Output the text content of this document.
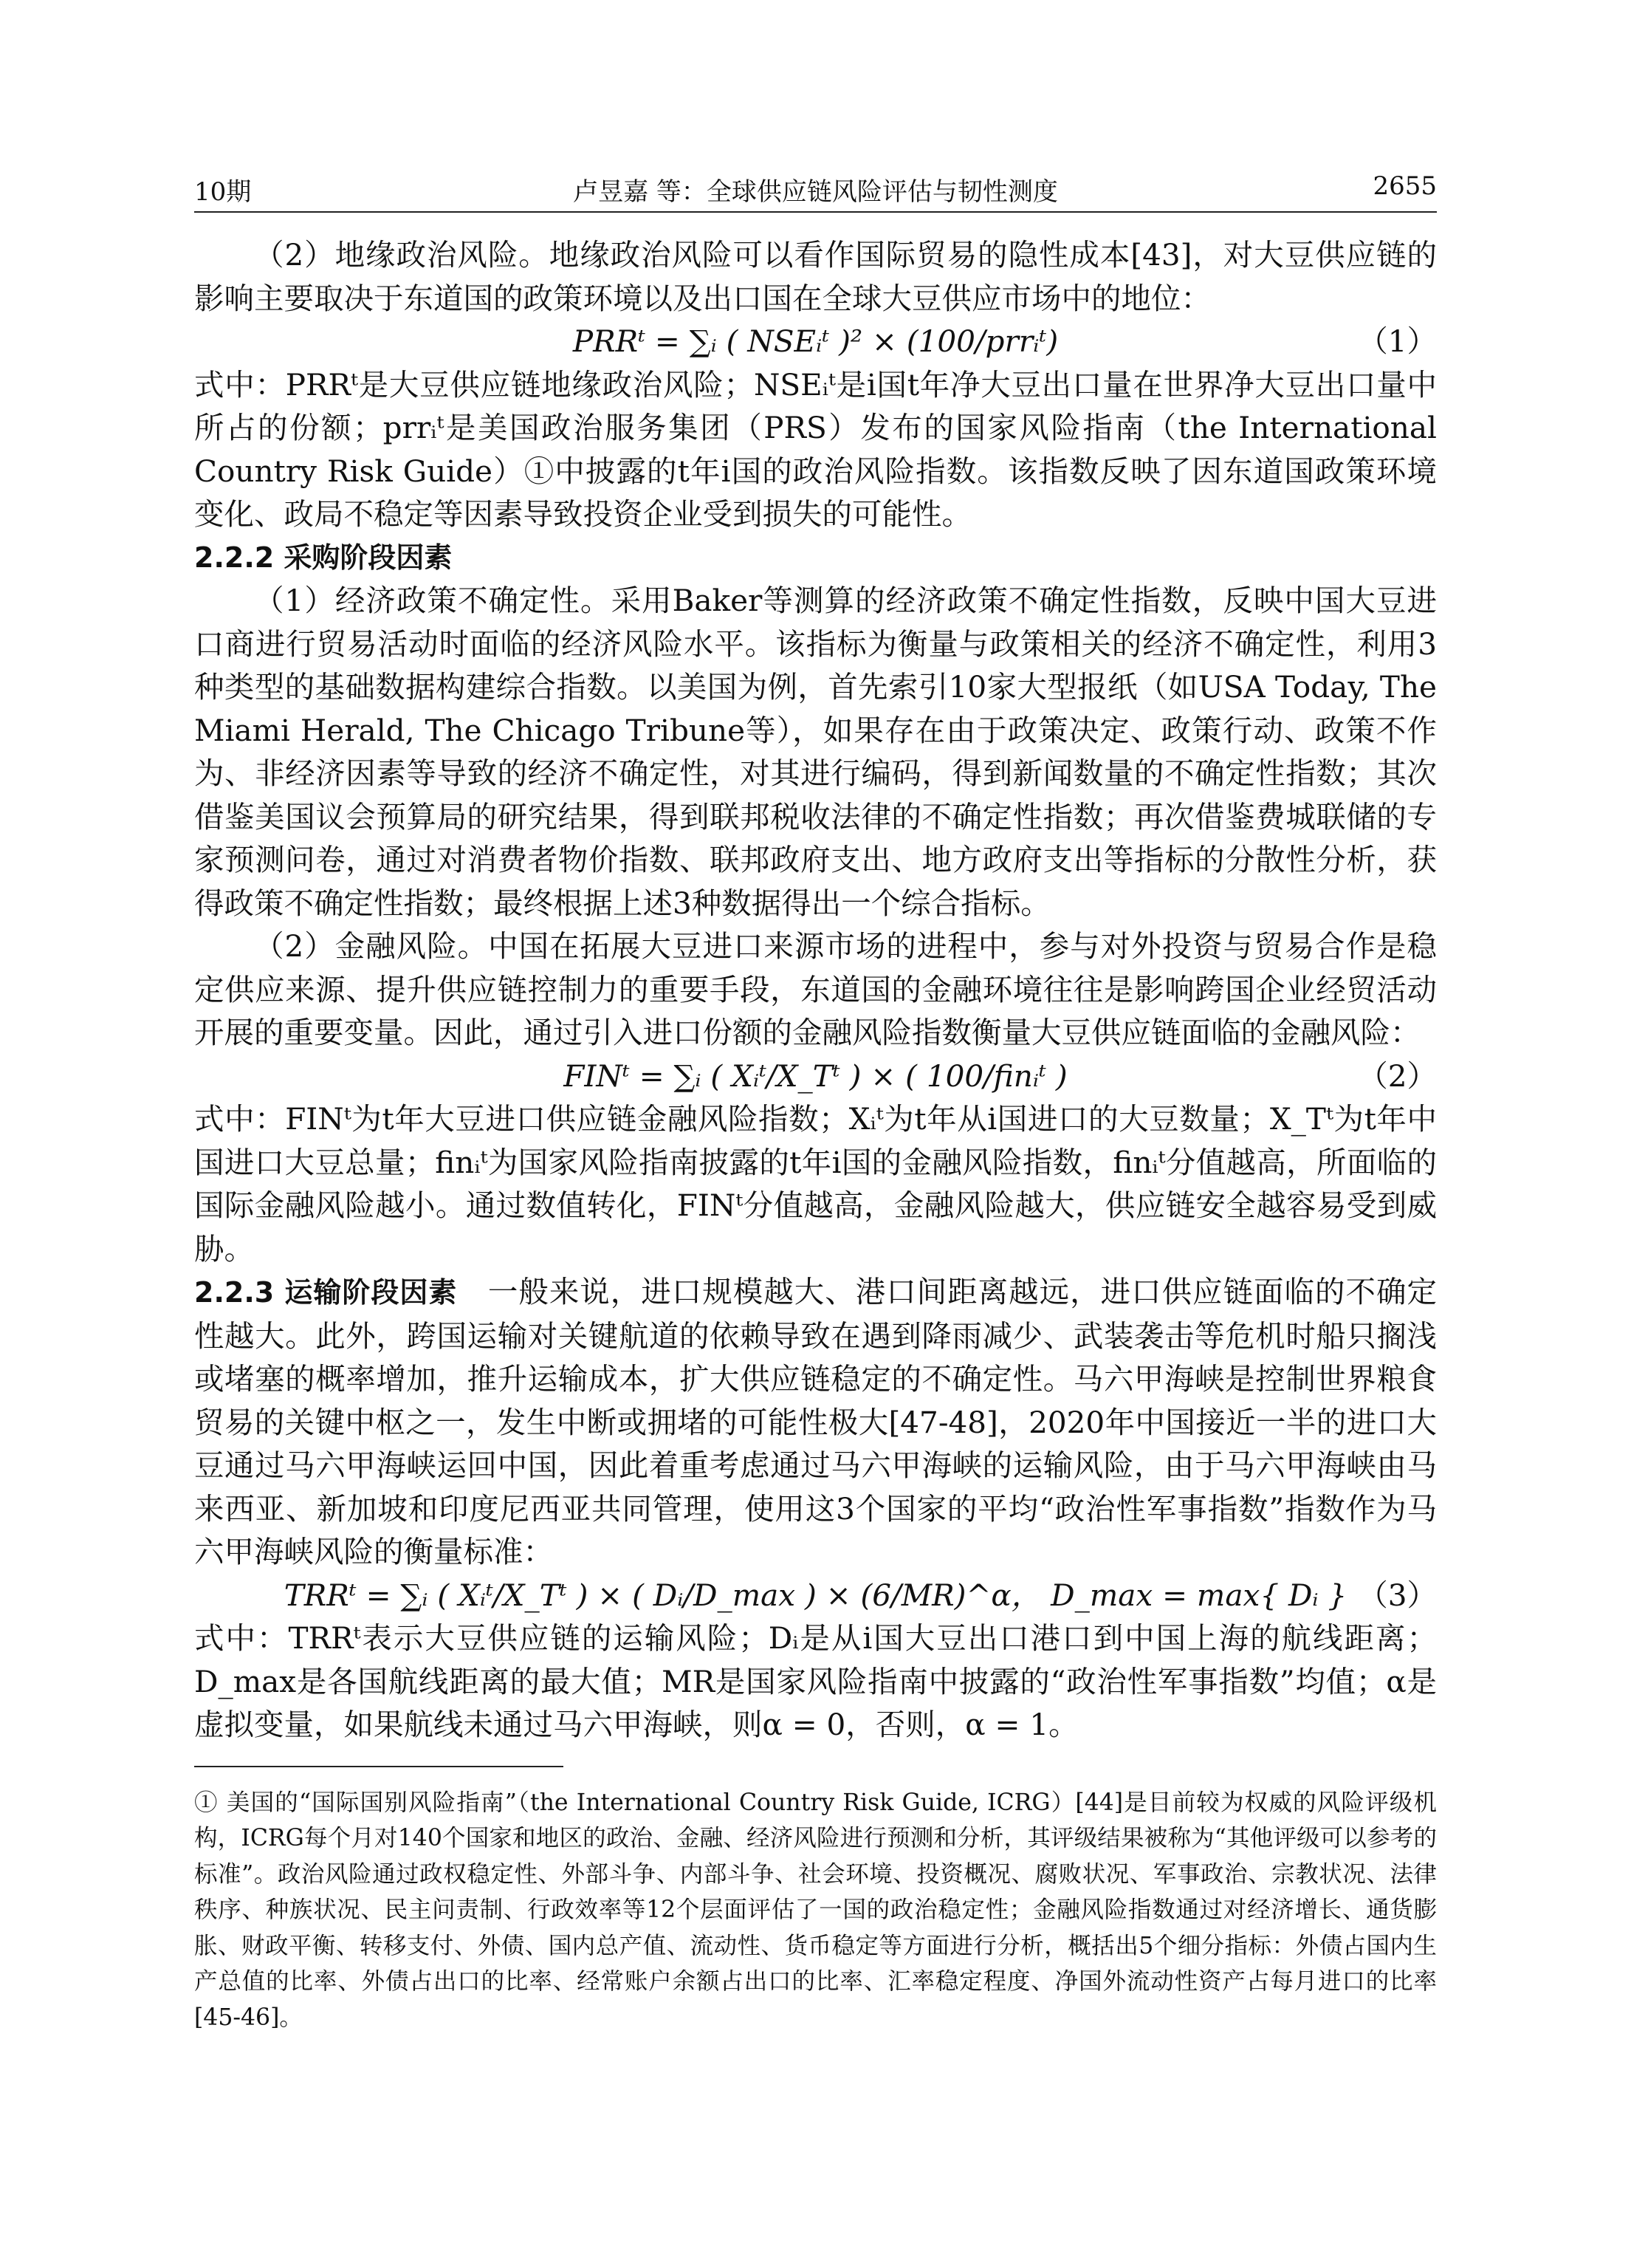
10期	卢昱嘉 等：全球供应链风险评估与韧性测度	2655

（2）地缘政治风险。地缘政治风险可以看作国际贸易的隐性成本[43]，对大豆供应链的影响主要取决于东道国的政策环境以及出口国在全球大豆供应市场中的地位：

PRRᵗ = ∑ᵢ ( NSEᵢᵗ )² × (100/prrᵢᵗ)	（1）

式中：PRRᵗ是大豆供应链地缘政治风险；NSEᵢᵗ是i国t年净大豆出口量在世界净大豆出口量中所占的份额；prrᵢᵗ是美国政治服务集团（PRS）发布的国家风险指南（the International Country Risk Guide）①中披露的t年i国的政治风险指数。该指数反映了因东道国政策环境变化、政局不稳定等因素导致投资企业受到损失的可能性。

2.2.2 采购阶段因素

（1）经济政策不确定性。采用Baker等测算的经济政策不确定性指数，反映中国大豆进口商进行贸易活动时面临的经济风险水平。该指标为衡量与政策相关的经济不确定性，利用3种类型的基础数据构建综合指数。以美国为例，首先索引10家大型报纸（如USA Today, The Miami Herald, The Chicago Tribune等），如果存在由于政策决定、政策行动、政策不作为、非经济因素等导致的经济不确定性，对其进行编码，得到新闻数量的不确定性指数；其次借鉴美国议会预算局的研究结果，得到联邦税收法律的不确定性指数；再次借鉴费城联储的专家预测问卷，通过对消费者物价指数、联邦政府支出、地方政府支出等指标的分散性分析，获得政策不确定性指数；最终根据上述3种数据得出一个综合指标。

（2）金融风险。中国在拓展大豆进口来源市场的进程中，参与对外投资与贸易合作是稳定供应来源、提升供应链控制力的重要手段，东道国的金融环境往往是影响跨国企业经贸活动开展的重要变量。因此，通过引入进口份额的金融风险指数衡量大豆供应链面临的金融风险：

FINᵗ = ∑ᵢ ( Xᵢᵗ/X_Tᵗ ) × ( 100/finᵢᵗ )	（2）

式中：FINᵗ为t年大豆进口供应链金融风险指数；Xᵢᵗ为t年从i国进口的大豆数量；X_Tᵗ为t年中国进口大豆总量；finᵢᵗ为国家风险指南披露的t年i国的金融风险指数，finᵢᵗ分值越高，所面临的国际金融风险越小。通过数值转化，FINᵗ分值越高，金融风险越大，供应链安全越容易受到威胁。

2.2.3 运输阶段因素　 一般来说，进口规模越大、港口间距离越远，进口供应链面临的不确定性越大。此外，跨国运输对关键航道的依赖导致在遇到降雨减少、武装袭击等危机时船只搁浅或堵塞的概率增加，推升运输成本，扩大供应链稳定的不确定性。马六甲海峡是控制世界粮食贸易的关键中枢之一，发生中断或拥堵的可能性极大[47-48]，2020年中国接近一半的进口大豆通过马六甲海峡运回中国，因此着重考虑通过马六甲海峡的运输风险，由于马六甲海峡由马来西亚、新加坡和印度尼西亚共同管理，使用这3个国家的平均“政治性军事指数”指数作为马六甲海峡风险的衡量标准：

TRRᵗ = ∑ᵢ ( Xᵢᵗ/X_Tᵗ ) × ( Dᵢ/D_max ) × (6/MR)^α， D_max = max{ Dᵢ } （3）

式中：TRRᵗ表示大豆供应链的运输风险；Dᵢ是从i国大豆出口港口到中国上海的航线距离；D_max是各国航线距离的最大值；MR是国家风险指南中披露的“政治性军事指数”均值；α是虚拟变量，如果航线未通过马六甲海峡，则α = 0，否则，α = 1。

① 美国的“国际国别风险指南”（the International Country Risk Guide, ICRG）[44]是目前较为权威的风险评级机构，ICRG每个月对140个国家和地区的政治、金融、经济风险进行预测和分析，其评级结果被称为“其他评级可以参考的标准”。政治风险通过政权稳定性、外部斗争、内部斗争、社会环境、投资概况、腐败状况、军事政治、宗教状况、法律秩序、种族状况、民主问责制、行政效率等12个层面评估了一国的政治稳定性；金融风险指数通过对经济增长、通货膨胀、财政平衡、转移支付、外债、国内总产值、流动性、货币稳定等方面进行分析，概括出5个细分指标：外债占国内生产总值的比率、外债占出口的比率、经常账户余额占出口的比率、汇率稳定程度、净国外流动性资产占每月进口的比率[45-46]。
